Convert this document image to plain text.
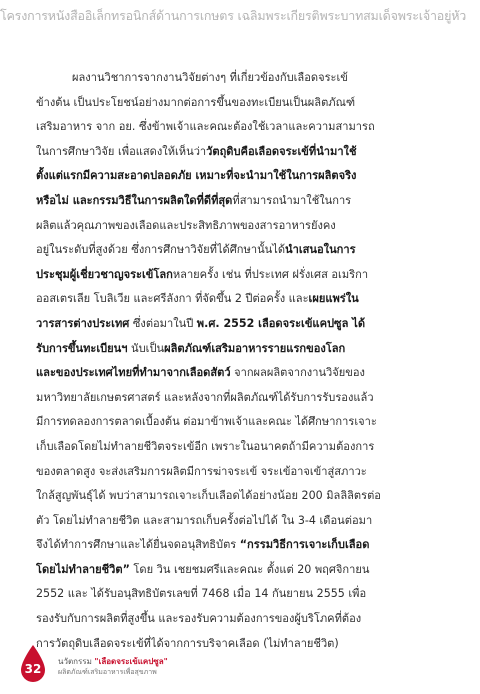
โครงการหนังสืออิเล็กทรอนิกส์ด้านการเกษตร เฉลิมพระเกียรติพระบาทสมเด็จพระเจ้าอยู่หัว
ผลงานวิชาการจากงานวิจัยต่างๆ ที่เกี่ยวข้องกับเลือดจระเข้
ข้างต้น เป็นประโยชน์อย่างมากต่อการขึ้นของทะเบียนเป็นผลิตภัณฑ์
เสริมอาหาร จาก อย. ซึ่งข้าพเจ้าและคณะต้องใช้เวลาและความสามารถ
ในการศึกษาวิจัย เพื่อแสดงให้เห็นว่าวัตถุดิบคือเลือดจระเข้ที่นำมาใช้
ตั้งแต่แรกมีความสะอาดปลอดภัย เหมาะที่จะนำมาใช้ในการผลิตจริง
หรือไม่ และกรรมวิธีในการผลิตใดที่ดีที่สุดที่สามารถนำมาใช้ในการ
ผลิตแล้วคุณภาพของเลือดและประสิทธิภาพของสารอาหารยังคง
อยู่ในระดับที่สูงด้วย ซึ่งการศึกษาวิจัยที่ได้ศึกษานั้นได้นำเสนอในการ
ประชุมผู้เชี่ยวชาญจระเข้โลกหลายครั้ง เช่น ที่ประเทศ ฝรั่งเศส อเมริกา
ออสเตรเลีย โบลิเวีย และศรีลังกา ที่จัดขึ้น 2 ปีต่อครั้ง และเผยแพร่ใน
วารสารต่างประเทศ ซึ่งต่อมาในปี พ.ศ. 2552 เลือดจระเข้แคปซูล ได้
รับการขึ้นทะเบียนฯ นับเป็นผลิตภัณฑ์เสริมอาหารรายแรกของโลก
และของประเทศไทยที่ทำมาจากเลือดสัตว์ จากผลผลิตจากงานวิจัยของ
มหาวิทยาลัยเกษตรศาสตร์ และหลังจากที่ผลิตภัณฑ์ได้รับการรับรองแล้ว
มีการทดลองการตลาดเบื้องต้น ต่อมาข้าพเจ้าและคณะ ได้ศึกษาการเจาะ
เก็บเลือดโดยไม่ทำลายชีวิตจระเข้อีก เพราะในอนาคตถ้ามีความต้องการ
ของตลาดสูง จะส่งเสริมการผลิตมีการฆ่าจระเข้ จระเข้อาจเข้าสู่สภาวะ
ใกล้สูญพันธุ์ได้ พบว่าสามารถเจาะเก็บเลือดได้อย่างน้อย 200 มิลลิลิตรต่อ
ตัว โดยไม่ทำลายชีวิต และสามารถเก็บครั้งต่อไปได้ ใน 3-4 เดือนต่อมา
จึงได้ทำการศึกษาและได้ยื่นจดอนุสิทธิบัตร “กรรมวิธีการเจาะเก็บเลือด
โดยไม่ทำลายชีวิต” โดย วิน เชยชมศรีและคณะ ตั้งแต่ 20 พฤศจิกายน
2552 และ ได้รับอนุสิทธิบัตรเลขที่ 7468 เมื่อ 14 กันยายน 2555 เพื่อ
รองรับกับการผลิตที่สูงขึ้น และรองรับความต้องการของผู้บริโภคที่ต้อง
การวัตถุดิบเลือดจระเข้ที่ได้จากการบริจาคเลือด (ไม่ทำลายชีวิต)
32
นวัตกรรม "เลือดจระเข้แคปซูล"
ผลิตภัณฑ์เสริมอาหารเพื่อสุขภาพ
